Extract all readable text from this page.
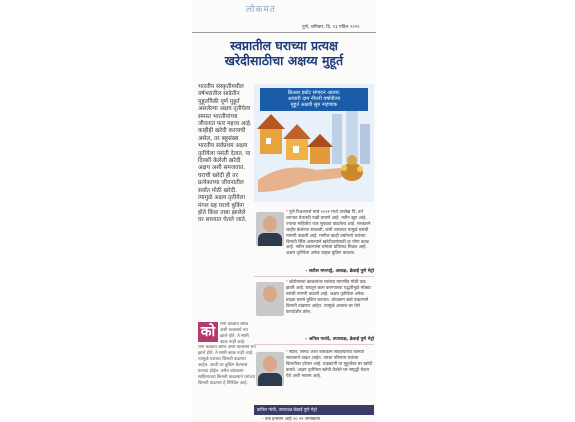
लोकमत
पुणे, शनिवार, दि. २३ एप्रिल २०२२
स्वप्नातील घराच्या प्रत्यक्ष
खरेदीसाठीचा अक्षय्य मुहूर्त
भारतीय संस्कृतीमधील वर्षभरातील साडेतीन मुहूर्तांपैकी पूर्ण मुहूर्त असलेल्या अक्षय तृतीयेला समस्त भारतीयांच्या जीवनात फार महत्त्व आहे. काहीही खरेदी करायची असेल, तर बहुसंख्य भारतीय सर्वप्रथम अक्षय तृतीयेला पसंती देतात. या दिवशी केलेली खरेदी अक्षय अशी समजतात. घराची खरेदी ही तर प्रत्येकाच्या जीवनातील सर्वांत मोठी खरेदी. त्यामुळे अक्षय तृतीयेला मंगल ग्रह घराचे बुकिंग होते किंवा ताबा झालेले घर साध्यात घेतले जाते.
क्रिअल इस्टेट संपादन आलय:
अव्वारी दाम नीयनी वर्षावीज्य
मुहूर्त अक्षयी सुरु नाहणाक
❛ पुणे रिअल्टरर्स मार्च २०२२ मध्ये उल्लेख पिं, डर्न ध्यानात घेऊनही पाढी प्रमाणे आहे. नवीन खूप आहे, ज्याचा माहितीत फार सुवडवा वाढलेला आहे. सरकारने जाहीर केलेल्या सवलती, कमी व्याजदर यामुळे घरांची मागणी वाढली आहे. मागील काही वर्षांमध्ये घरांच्या किमती स्थिर असल्याने खरेदीदारांसाठी हा योग्य काळ आहे. नवीन प्रकल्पांना चांगला प्रतिसाद मिळत आहे. अक्षय तृतीयेला अनेक ग्राहक बुकिंग करतात.
- सतीश मगरपट्टे, अध्यक्ष, क्रेडाई पुणे मेट्रो
❛ कोरोनाच्या काळानंतर घरांच्या मागणीत मोठी वाढ झाली आहे. घरातून काम करण्याच्या पद्धतीमुळे मोठ्या घरांची मागणी वाढली आहे. अक्षय तृतीयेला अनेक ग्राहक घराचे बुकिंग करतात. बांधकाम खर्च वाढल्याने किमती वाढणार आहेत. त्यामुळे आताच घर घेणे फायदेशीर ठरेल.
- अनिल फरांदे, उपाध्यक्ष, क्रेडाई पुणे मेट्रो
❛ स्टील, सिमेंट अशा बांधकाम साहित्याच्या किमती सातत्याने वाढत आहेत. त्याचा परिणाम घरांच्या किमतीवर होणार आहे. ग्राहकांनी या मुहूर्तावर घर खरेदी करावे. अक्षय तृतीयेला खरेदी केलेले घर समृद्धी घेऊन येते अशी भावना आहे.
को	रोना काळात बरीच अशी व्यवसाये रुप झाले होते. ते स्पष्टी काळ नाही आहे.
रोना काळात बरीच अशी व्यवसाये रुप झाले होते. ते स्पष्टी काळ नाही आहे. त्यामुळे घरांच्या किंमती वाढणार आहेत. आधी घर बुकिंग केल्यास फायदा होईल. तसेच बांधकाम साहित्याच्या किमती वाढल्याने घरांच्या किमती वाढणार हे निश्चित आहे.
कपिल गांधी, उपाध्यक्ष क्रेडाई पुणे मेट्रो
- एक इनसान आहे २० २२ जमाखाना
